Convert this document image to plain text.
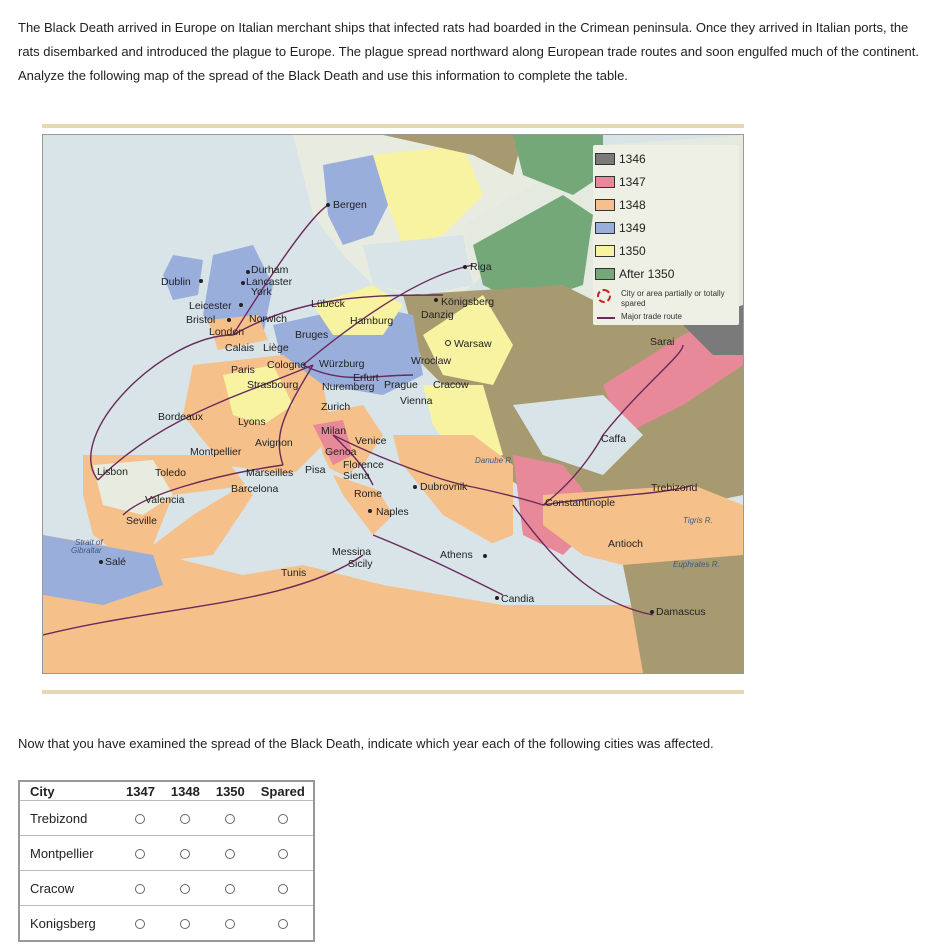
The Black Death arrived in Europe on Italian merchant ships that infected rats had boarded in the Crimean peninsula. Once they arrived in Italian ports, the rats disembarked and introduced the plague to Europe. The plague spread northward along European trade routes and soon engulfed much of the continent. Analyze the following map of the spread of the Black Death and use this information to complete the table.
Bergen
Riga
Durham
Lancaster
York
Dublin
Leicester
Bristol	Norwich
London
Lübeck
Hamburg
Königsberg
Danzig
Bruges
Calais Liège
Erfurt
Warsaw
Paris Cologne Würzburg	Wroclaw
Strasbourg Nuremberg Prague Cracow
Vienna
Zurich
Bordeaux	Lyons
Milan
Avignon	Venice
Montpellier	Genoa
Florence
Pisa Siena
Marseilles
Barcelona
Lisbon	Toledo
Rome
Dubrovnik
Valencia
Naples
Seville
Messina
Sicily
Athens
Tunis
Salé
Candia
Caffa
Sarai
Trebizond
Constantinople
Antioch
Damascus
Strait of
Gibraltar
Danube R.
Tigris R.
Euphrates R.
1346
1347
1348
1349
1350
After 1350
City or area partially or totally spared
Major trade route
Now that you have examined the spread of the Black Death, indicate which year each of the following cities was affected.
City	1347	1348	1350	Spared
Trebizond				
Montpellier				
Cracow				
Konigsberg				
